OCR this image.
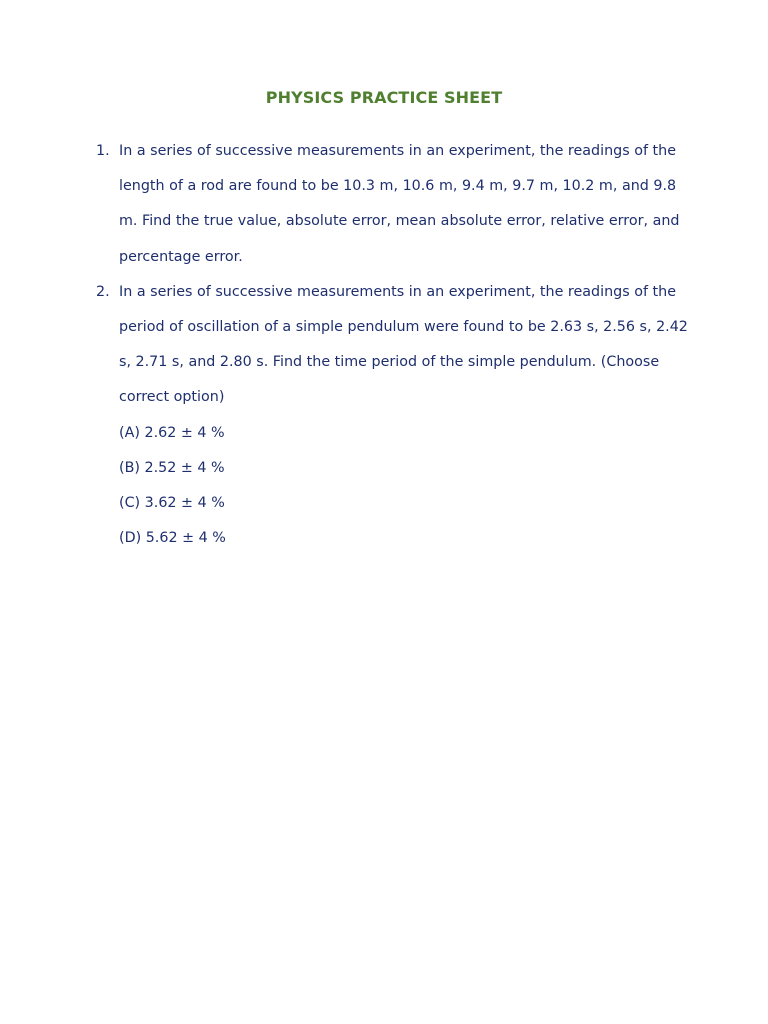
PHYSICS PRACTICE SHEET
1. In a series of successive measurements in an experiment, the readings of the length of a rod are found to be 10.3 m, 10.6 m, 9.4 m, 9.7 m, 10.2 m, and 9.8 m. Find the true value, absolute error, mean absolute error, relative error, and percentage error.
2. In a series of successive measurements in an experiment, the readings of the period of oscillation of a simple pendulum were found to be 2.63 s, 2.56 s, 2.42 s, 2.71 s, and 2.80 s. Find the time period of the simple pendulum. (Choose correct option)
(A) 2.62 ± 4 %
(B) 2.52 ± 4 %
(C) 3.62 ± 4 %
(D) 5.62 ± 4 %
